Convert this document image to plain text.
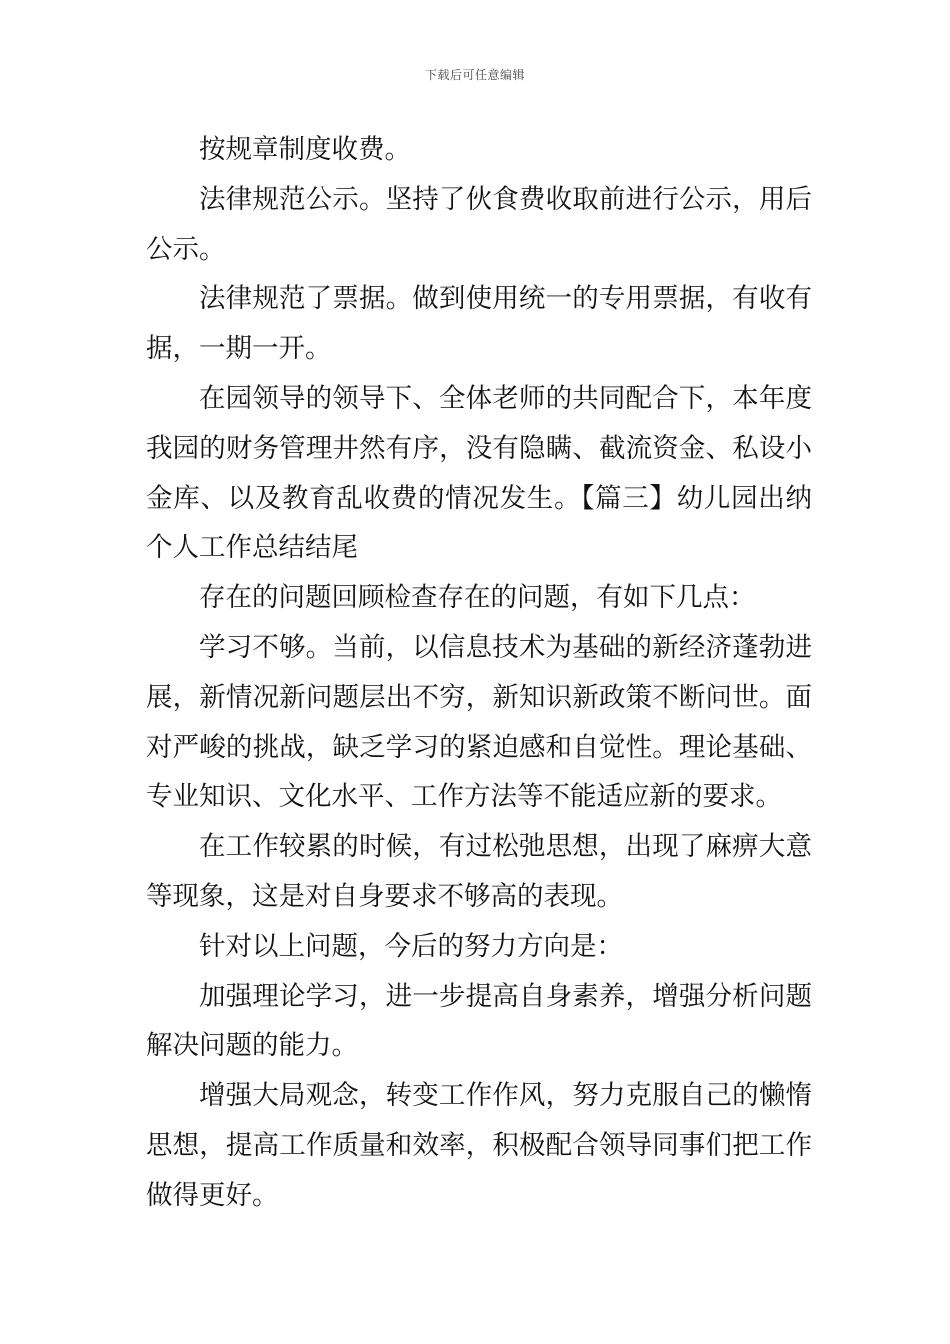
下载后可任意编辑

按规章制度收费。

法律规范公示。坚持了伙食费收取前进行公示，用后公示。

法律规范了票据。做到使用统一的专用票据，有收有据，一期一开。

在园领导的领导下、全体老师的共同配合下，本年度我园的财务管理井然有序，没有隐瞒、截流资金、私设小金库、以及教育乱收费的情况发生。【篇三】幼儿园出纳个人工作总结结尾

存在的问题回顾检查存在的问题，有如下几点：

学习不够。当前，以信息技术为基础的新经济蓬勃进展，新情况新问题层出不穷，新知识新政策不断问世。面对严峻的挑战，缺乏学习的紧迫感和自觉性。理论基础、专业知识、文化水平、工作方法等不能适应新的要求。

在工作较累的时候，有过松弛思想，出现了麻痹大意等现象，这是对自身要求不够高的表现。

针对以上问题，今后的努力方向是：

加强理论学习，进一步提高自身素养，增强分析问题解决问题的能力。

增强大局观念，转变工作作风，努力克服自己的懒惰思想，提高工作质量和效率，积极配合领导同事们把工作做得更好。
